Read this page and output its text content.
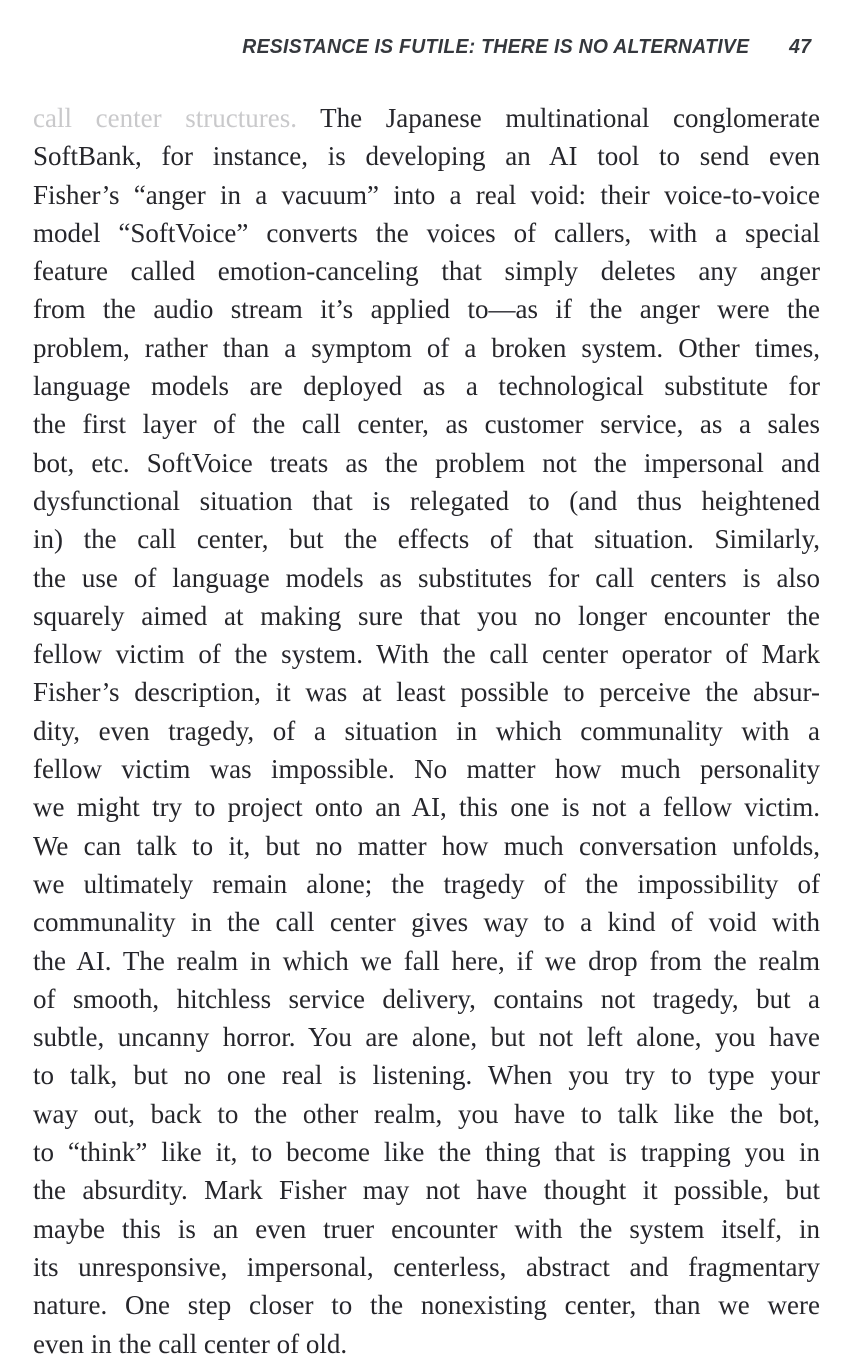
RESISTANCE IS FUTILE: THERE IS NO ALTERNATIVE 47
call center structures. The Japanese multinational conglomerate
SoftBank, for instance, is developing an AI tool to send even
Fisher’s “anger in a vacuum” into a real void: their voice-to-voice
model “SoftVoice” converts the voices of callers, with a special
feature called emotion-canceling that simply deletes any anger
from the audio stream it’s applied to—as if the anger were the
problem, rather than a symptom of a broken system. Other times,
language models are deployed as a technological substitute for
the first layer of the call center, as customer service, as a sales
bot, etc. SoftVoice treats as the problem not the impersonal and
dysfunctional situation that is relegated to (and thus heightened
in) the call center, but the effects of that situation. Similarly,
the use of language models as substitutes for call centers is also
squarely aimed at making sure that you no longer encounter the
fellow victim of the system. With the call center operator of Mark
Fisher’s description, it was at least possible to perceive the absur-
dity, even tragedy, of a situation in which communality with a
fellow victim was impossible. No matter how much personality
we might try to project onto an AI, this one is not a fellow victim.
We can talk to it, but no matter how much conversation unfolds,
we ultimately remain alone; the tragedy of the impossibility of
communality in the call center gives way to a kind of void with
the AI. The realm in which we fall here, if we drop from the realm
of smooth, hitchless service delivery, contains not tragedy, but a
subtle, uncanny horror. You are alone, but not left alone, you have
to talk, but no one real is listening. When you try to type your
way out, back to the other realm, you have to talk like the bot,
to “think” like it, to become like the thing that is trapping you in
the absurdity. Mark Fisher may not have thought it possible, but
maybe this is an even truer encounter with the system itself, in
its unresponsive, impersonal, centerless, abstract and fragmentary
nature. One step closer to the nonexisting center, than we were
even in the call center of old.
